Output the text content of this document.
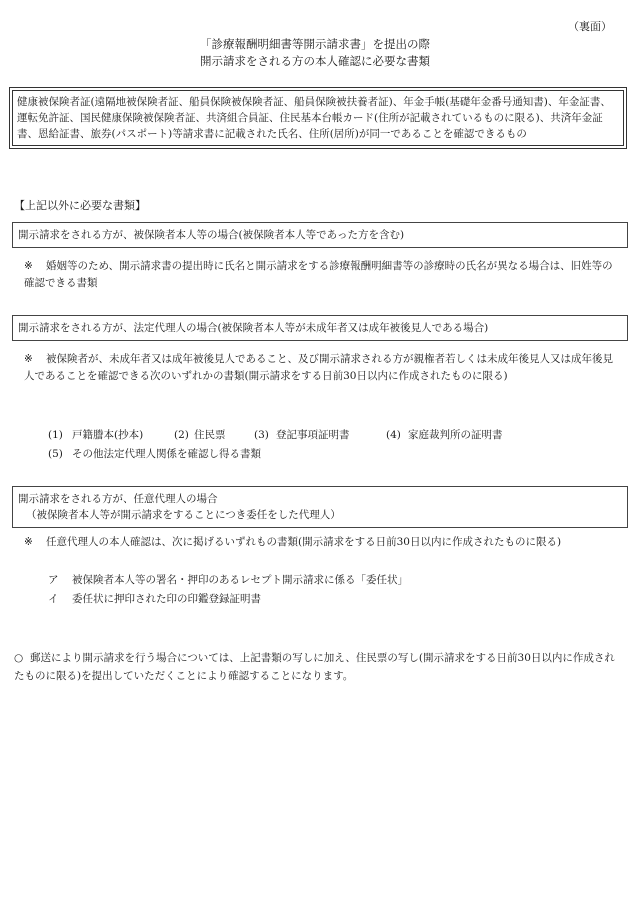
（裏面）
「診療報酬明細書等開示請求書」を提出の際
開示請求をされる方の本人確認に必要な書類
健康被保険者証(遠隔地被保険者証、船員保険被保険者証、船員保険被扶養者証)、年金手帳(基礎年金番号通知書)、年金証書、運転免許証、国民健康保険被保険者証、共済組合員証、住民基本台帳カード(住所が記載されているものに限る)、共済年金証書、恩給証書、旅券(パスポート)等請求書に記載された氏名、住所(居所)が同一であることを確認できるもの
【上記以外に必要な書類】
開示請求をされる方が、被保険者本人等の場合(被保険者本人等であった方を含む)
※ 婚姻等のため、開示請求書の提出時に氏名と開示請求をする診療報酬明細書等の診療時の氏名が異なる場合は、旧姓等の確認できる書類
開示請求をされる方が、法定代理人の場合(被保険者本人等が未成年者又は成年被後見人である場合)
※ 被保険者が、未成年者又は成年被後見人であること、及び開示請求される方が親権者若しくは未成年後見人又は成年後見人であることを確認できる次のいずれかの書類(開示請求をする日前30日以内に作成されたものに限る)
(1) 戸籍謄本(抄本)	(2) 住民票	(3) 登記事項証明書	(4) 家庭裁判所の証明書
(5) その他法定代理人関係を確認し得る書類
開示請求をされる方が、任意代理人の場合
（被保険者本人等が開示請求をすることにつき委任をした代理人）
※ 任意代理人の本人確認は、次に掲げるいずれもの書類(開示請求をする日前30日以内に作成されたものに限る)
ア 被保険者本人等の署名・押印のあるレセプト開示請求に係る「委任状」
イ 委任状に押印された印の印鑑登録証明書
○ 郵送により開示請求を行う場合については、上記書類の写しに加え、住民票の写し(開示請求をする日前30日以内に作成されたものに限る)を提出していただくことにより確認することになります。
